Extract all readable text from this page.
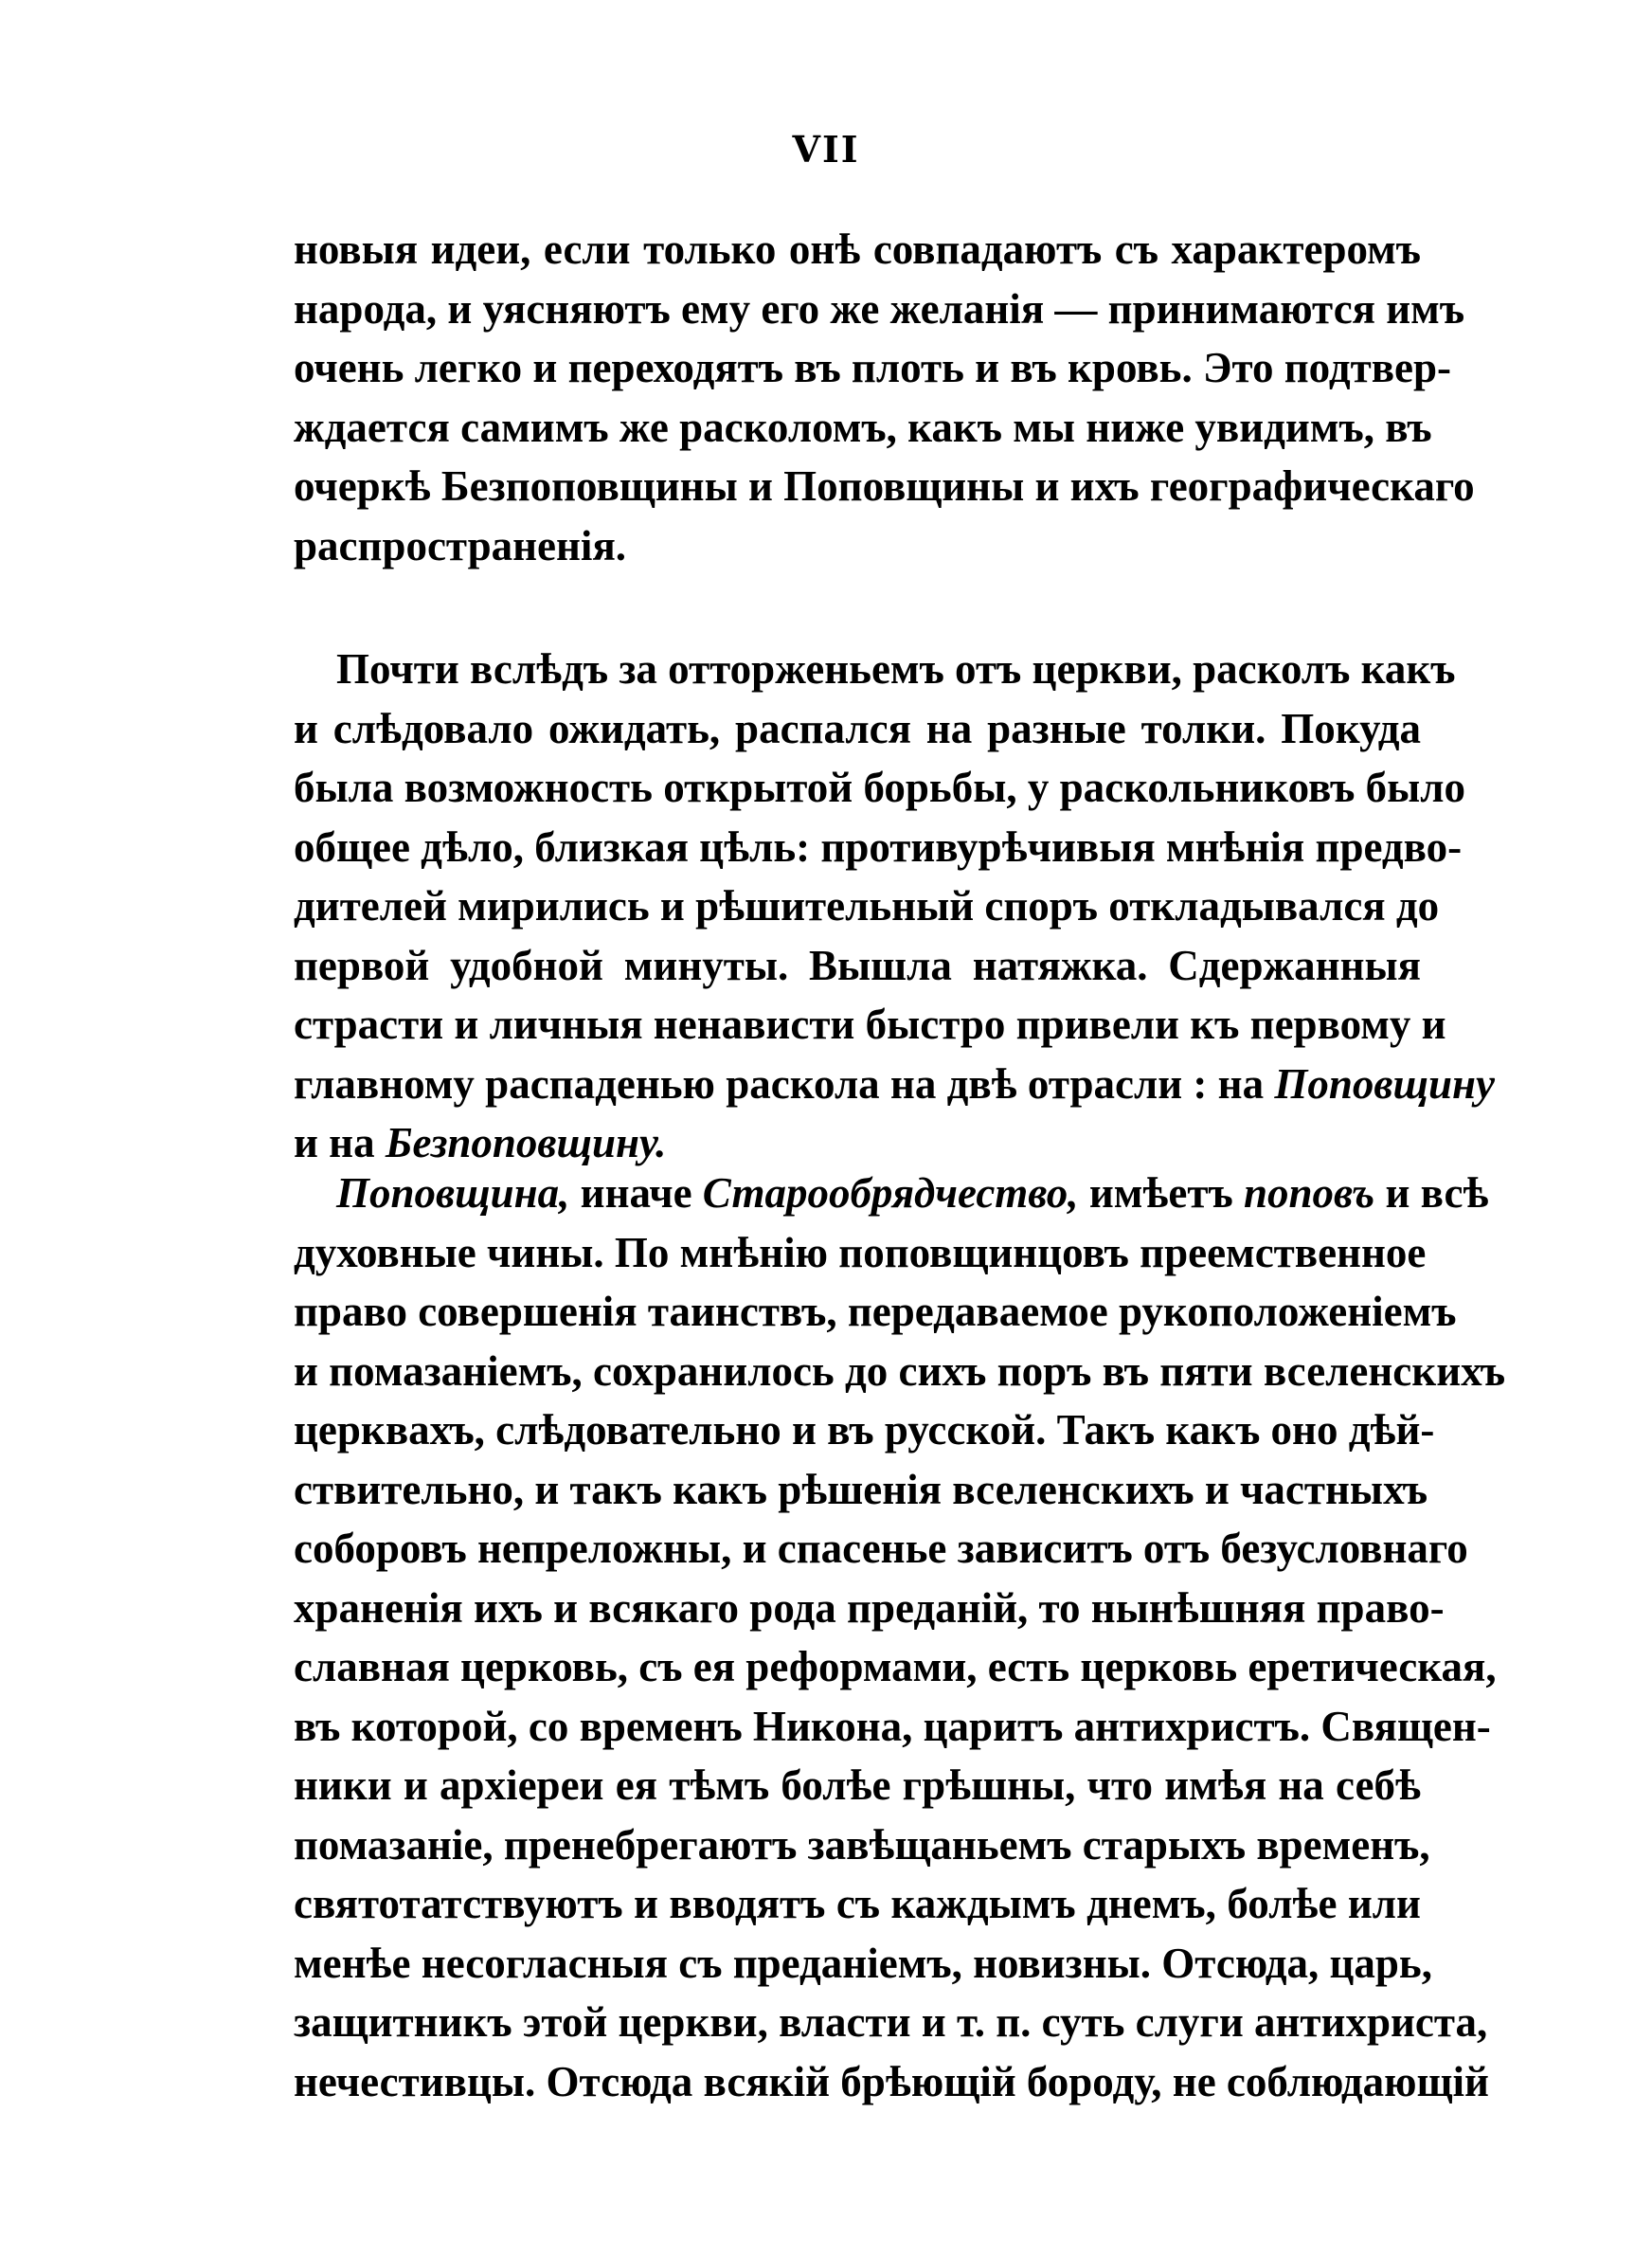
VII
новыя идеи, если только онѣ совпадаютъ съ характеромъ
народа, и уясняютъ ему его же желанія — принимаются имъ
очень легко и переходятъ въ плоть и въ кровь. Это подтвер-
ждается самимъ же расколомъ, какъ мы ниже увидимъ, въ
очеркѣ Безпоповщины и Поповщины и ихъ географическаго
распространенія.
Почти вслѣдъ за отторженьемъ отъ церкви, расколъ какъ
и слѣдовало ожидать, распался на разные толки. Покуда
была возможность открытой борьбы, у раскольниковъ было
общее дѣло, близкая цѣль: противурѣчивыя мнѣнія предво-
дителей мирились и рѣшительный споръ откладывался до
первой удобной минуты. Вышла натяжка. Сдержанныя
страсти и личныя ненависти быстро привели къ первому и
главному распаденью раскола на двѣ отрасли : на Поповщину
и на Безпоповщину.
Поповщина, иначе Старообрядчество, имѣетъ поповъ и всѣ
духовные чины. По мнѣнію поповщинцовъ преемственное
право совершенія таинствъ, передаваемое рукоположеніемъ
и помазаніемъ, сохранилось до сихъ поръ въ пяти вселенскихъ
церквахъ, слѣдовательно и въ русской. Такъ какъ оно дѣй-
ствительно, и такъ какъ рѣшенія вселенскихъ и частныхъ
соборовъ непреложны, и спасенье зависитъ отъ безусловнаго
храненія ихъ и всякаго рода преданій, то нынѣшняя право-
славная церковь, съ ея реформами, есть церковь еретическая,
въ которой, со временъ Никона, царитъ антихристъ. Священ-
ники и архіереи ея тѣмъ болѣе грѣшны, что имѣя на себѣ
помазаніе, пренебрегаютъ завѣщаньемъ старыхъ временъ,
святотатствуютъ и вводятъ съ каждымъ днемъ, болѣе или
менѣе несогласныя съ преданіемъ, новизны. Отсюда, царь,
защитникъ этой церкви, власти и т. п. суть слуги антихриста,
нечестивцы. Отсюда всякій брѣющій бороду, не соблюдающій
